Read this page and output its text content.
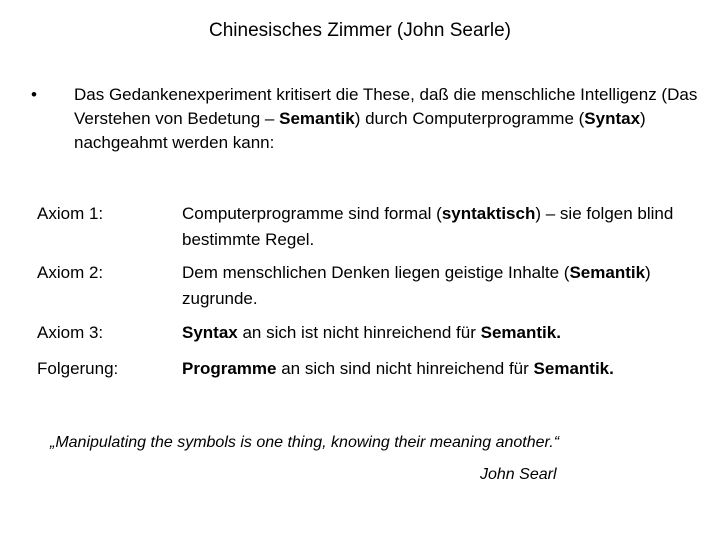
Chinesisches Zimmer (John Searle)
• Das Gedankenexperiment kritisert die These, daß die menschliche Intelligenz (Das Verstehen von Bedetung – Semantik) durch Computerprogramme (Syntax) nachgeahmt werden kann:
Axiom 1:	Computerprogramme sind formal (syntaktisch) – sie folgen blind bestimmte Regel.
Axiom 2:	Dem menschlichen Denken liegen geistige Inhalte (Semantik) zugrunde.
Axiom 3:	Syntax an sich ist nicht hinreichend für Semantik.
Folgerung:	Programme an sich sind nicht hinreichend für Semantik.
„Manipulating the symbols is one thing, knowing their meaning another.“
John Searl
